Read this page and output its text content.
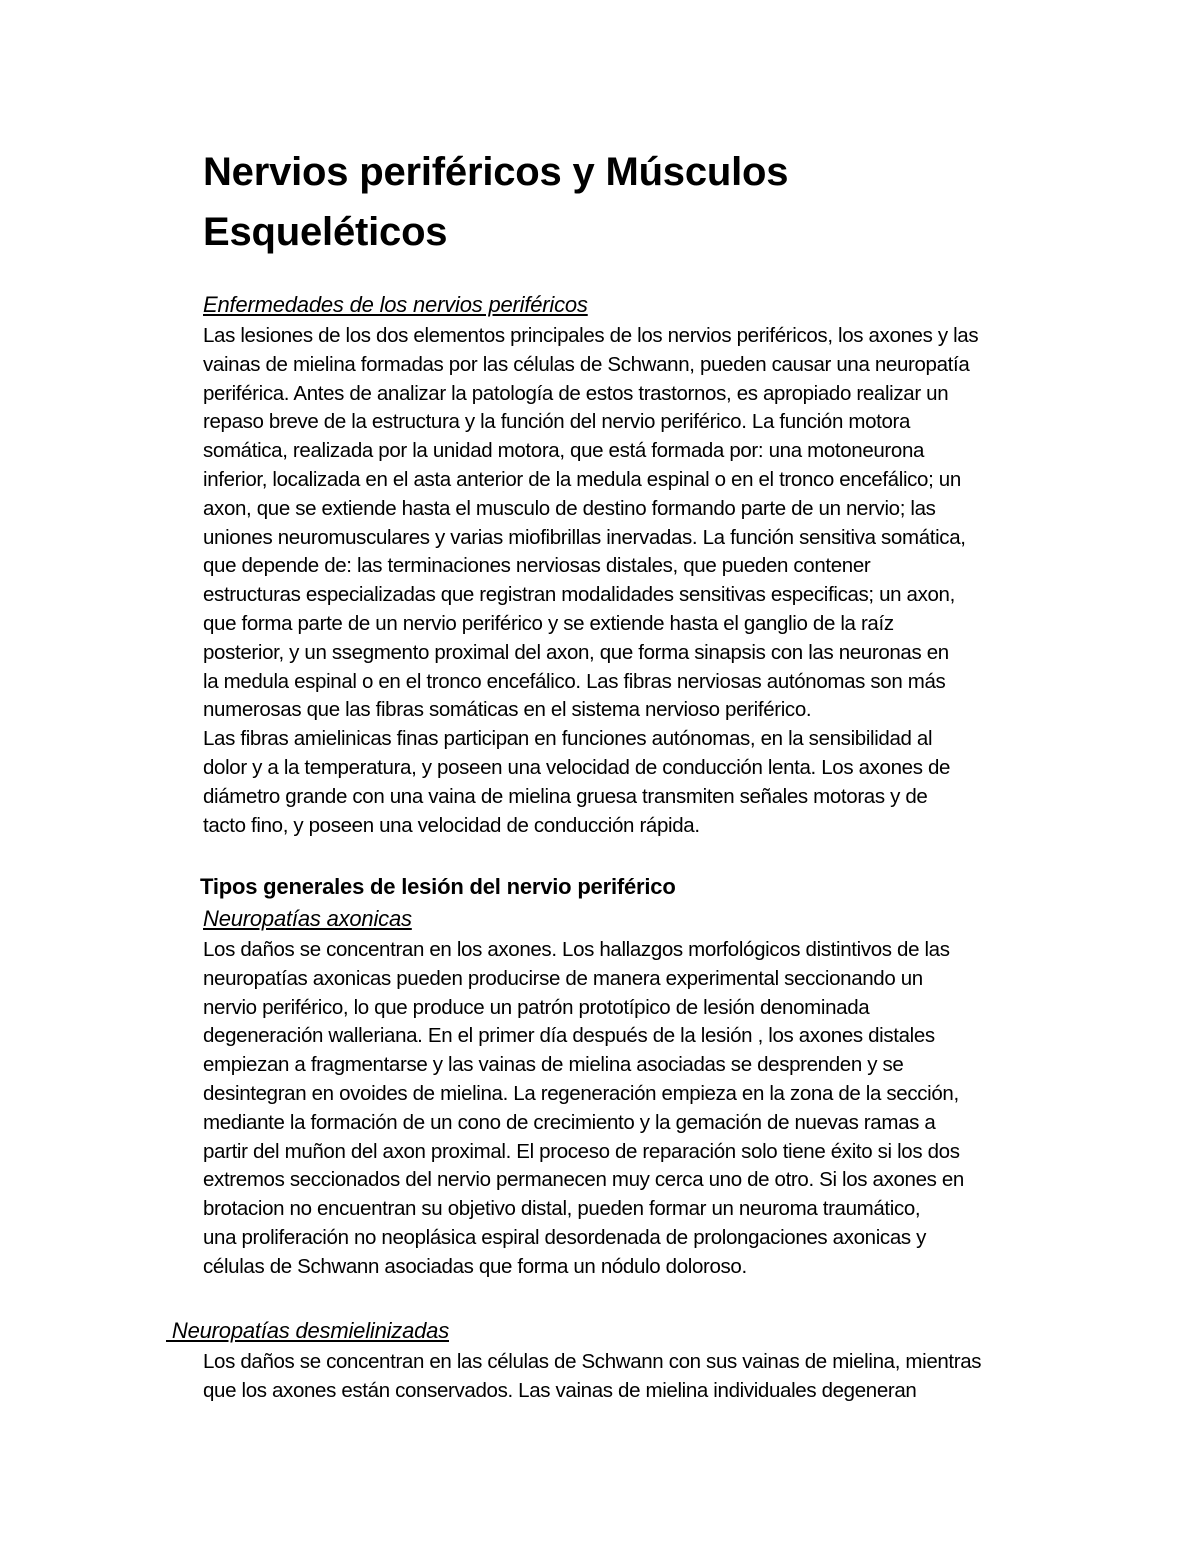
Nervios periféricos y Músculos
Esqueléticos
Enfermedades de los nervios periféricos
Las lesiones de los dos elementos principales de los nervios periféricos, los axones y las
vainas de mielina formadas por las células de Schwann, pueden causar una neuropatía
periférica. Antes de analizar la patología de estos trastornos, es apropiado realizar un
repaso breve de la estructura y la función del nervio periférico. La función motora
somática, realizada por la unidad motora, que está formada por: una motoneurona
inferior, localizada en el asta anterior de la medula espinal o en el tronco encefálico; un
axon, que se extiende hasta el musculo de destino formando parte de un nervio; las
uniones neuromusculares y varias miofibrillas inervadas. La función sensitiva somática,
que depende de: las terminaciones nerviosas distales, que pueden contener
estructuras especializadas que registran modalidades sensitivas especificas; un axon,
que forma parte de un nervio periférico y se extiende hasta el ganglio de la raíz
posterior, y un ssegmento proximal del axon, que forma sinapsis con las neuronas en
la medula espinal o en el tronco encefálico. Las fibras nerviosas autónomas son más
numerosas que las fibras somáticas en el sistema nervioso periférico.
Las fibras amielinicas finas participan en funciones autónomas, en la sensibilidad al
dolor y a la temperatura, y poseen una velocidad de conducción lenta. Los axones de
diámetro grande con una vaina de mielina gruesa transmiten señales motoras y de
tacto fino, y poseen una velocidad de conducción rápida.
Tipos generales de lesión del nervio periférico
Neuropatías axonicas
Los daños se concentran en los axones. Los hallazgos morfológicos distintivos de las
neuropatías axonicas pueden producirse de manera experimental seccionando un
nervio periférico, lo que produce un patrón prototípico de lesión denominada
degeneración walleriana. En el primer día después de la lesión , los axones distales
empiezan a fragmentarse y las vainas de mielina asociadas se desprenden y se
desintegran en ovoides de mielina. La regeneración empieza en la zona de la sección,
mediante la formación de un cono de crecimiento y la gemación de nuevas ramas a
partir del muñon del axon proximal. El proceso de reparación solo tiene éxito si los dos
extremos seccionados del nervio permanecen muy cerca uno de otro. Si los axones en
brotacion no encuentran su objetivo distal, pueden formar un neuroma traumático,
una proliferación no neoplásica espiral desordenada de prolongaciones axonicas y
células de Schwann asociadas que forma un nódulo doloroso.
Neuropatías desmielinizadas
Los daños se concentran en las células de Schwann con sus vainas de mielina, mientras
que los axones están conservados. Las vainas de mielina individuales degeneran
